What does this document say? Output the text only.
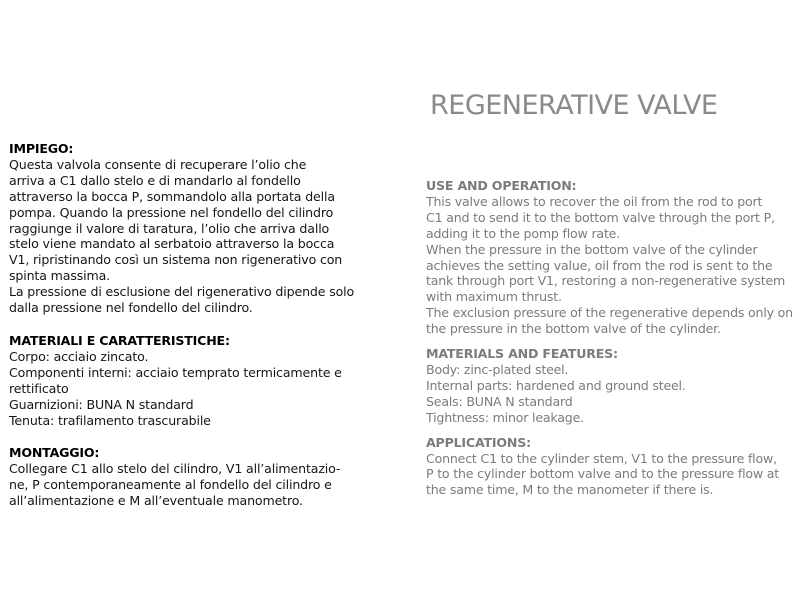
REGENERATIVE VALVE
IMPIEGO:
Questa valvola consente di recuperare l’olio che
arriva a C1 dallo stelo e di mandarlo al fondello
attraverso la bocca P, sommandolo alla portata della
pompa. Quando la pressione nel fondello del cilindro
raggiunge il valore di taratura, l’olio che arriva dallo
stelo viene mandato al serbatoio attraverso la bocca
V1, ripristinando così un sistema non rigenerativo con
spinta massima.
La pressione di esclusione del rigenerativo dipende solo
dalla pressione nel fondello del cilindro.
MATERIALI E CARATTERISTICHE:
Corpo: acciaio zincato.
Componenti interni: acciaio temprato termicamente e
rettificato
Guarnizioni: BUNA N standard
Tenuta: trafilamento trascurabile
MONTAGGIO:
Collegare C1 allo stelo del cilindro, V1 all’alimentazio-
ne, P contemporaneamente al fondello del cilindro e
all’alimentazione e M all’eventuale manometro.
USE AND OPERATION:
This valve allows to recover the oil from the rod to port
C1 and to send it to the bottom valve through the port P,
adding it to the pomp flow rate.
When the pressure in the bottom valve of the cylinder
achieves the setting value, oil from the rod is sent to the
tank through port V1, restoring a non-regenerative system
with maximum thrust.
The exclusion pressure of the regenerative depends only on
the pressure in the bottom valve of the cylinder.
MATERIALS AND FEATURES:
Body: zinc-plated steel.
Internal parts: hardened and ground steel.
Seals: BUNA N standard
Tightness: minor leakage.
APPLICATIONS:
Connect C1 to the cylinder stem, V1 to the pressure flow,
P to the cylinder bottom valve and to the pressure flow at
the same time, M to the manometer if there is.
